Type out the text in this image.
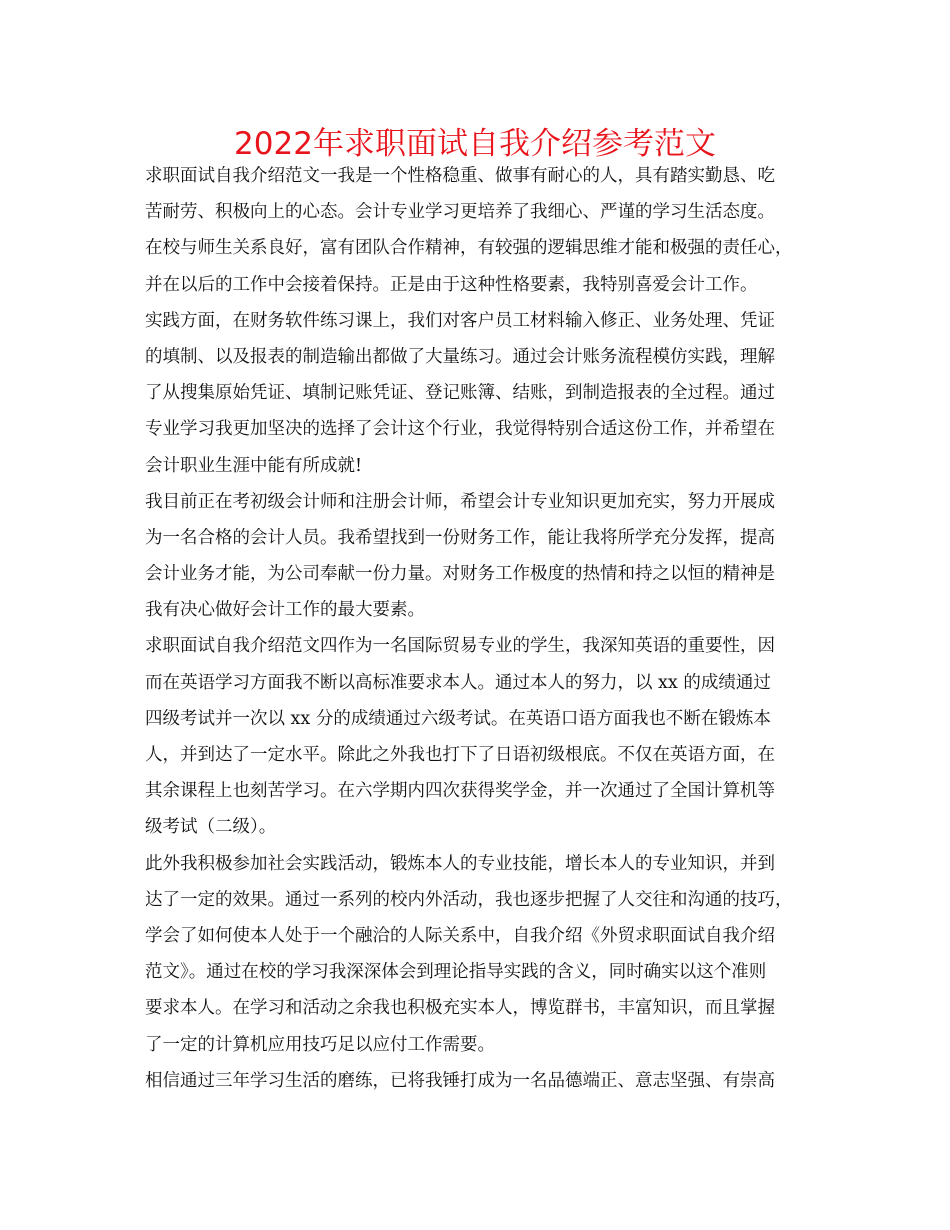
2022年求职面试自我介绍参考范文
求职面试自我介绍范文一我是一个性格稳重、做事有耐心的人，具有踏实勤恳、吃
苦耐劳、积极向上的心态。会计专业学习更培养了我细心、严谨的学习生活态度。
在校与师生关系良好，富有团队合作精神，有较强的逻辑思维才能和极强的责任心，
并在以后的工作中会接着保持。正是由于这种性格要素，我特别喜爱会计工作。
实践方面，在财务软件练习课上，我们对客户员工材料输入修正、业务处理、凭证
的填制、以及报表的制造输出都做了大量练习。通过会计账务流程模仿实践，理解
了从搜集原始凭证、填制记账凭证、登记账簿、结账，到制造报表的全过程。通过
专业学习我更加坚决的选择了会计这个行业，我觉得特别合适这份工作，并希望在
会计职业生涯中能有所成就!
我目前正在考初级会计师和注册会计师，希望会计专业知识更加充实，努力开展成
为一名合格的会计人员。我希望找到一份财务工作，能让我将所学充分发挥，提高
会计业务才能，为公司奉献一份力量。对财务工作极度的热情和持之以恒的精神是
我有决心做好会计工作的最大要素。
求职面试自我介绍范文四作为一名国际贸易专业的学生，我深知英语的重要性，因
而在英语学习方面我不断以高标准要求本人。通过本人的努力，以 xx 的成绩通过
四级考试并一次以 xx 分的成绩通过六级考试。在英语口语方面我也不断在锻炼本
人，并到达了一定水平。除此之外我也打下了日语初级根底。不仅在英语方面，在
其余课程上也刻苦学习。在六学期内四次获得奖学金，并一次通过了全国计算机等
级考试（二级）。
此外我积极参加社会实践活动，锻炼本人的专业技能，增长本人的专业知识，并到
达了一定的效果。通过一系列的校内外活动，我也逐步把握了人交往和沟通的技巧，
学会了如何使本人处于一个融洽的人际关系中，自我介绍《外贸求职面试自我介绍
范文》。通过在校的学习我深深体会到理论指导实践的含义，同时确实以这个准则
要求本人。在学习和活动之余我也积极充实本人，博览群书，丰富知识，而且掌握
了一定的计算机应用技巧足以应付工作需要。
相信通过三年学习生活的磨练，已将我锤打成为一名品德端正、意志坚强、有崇高
